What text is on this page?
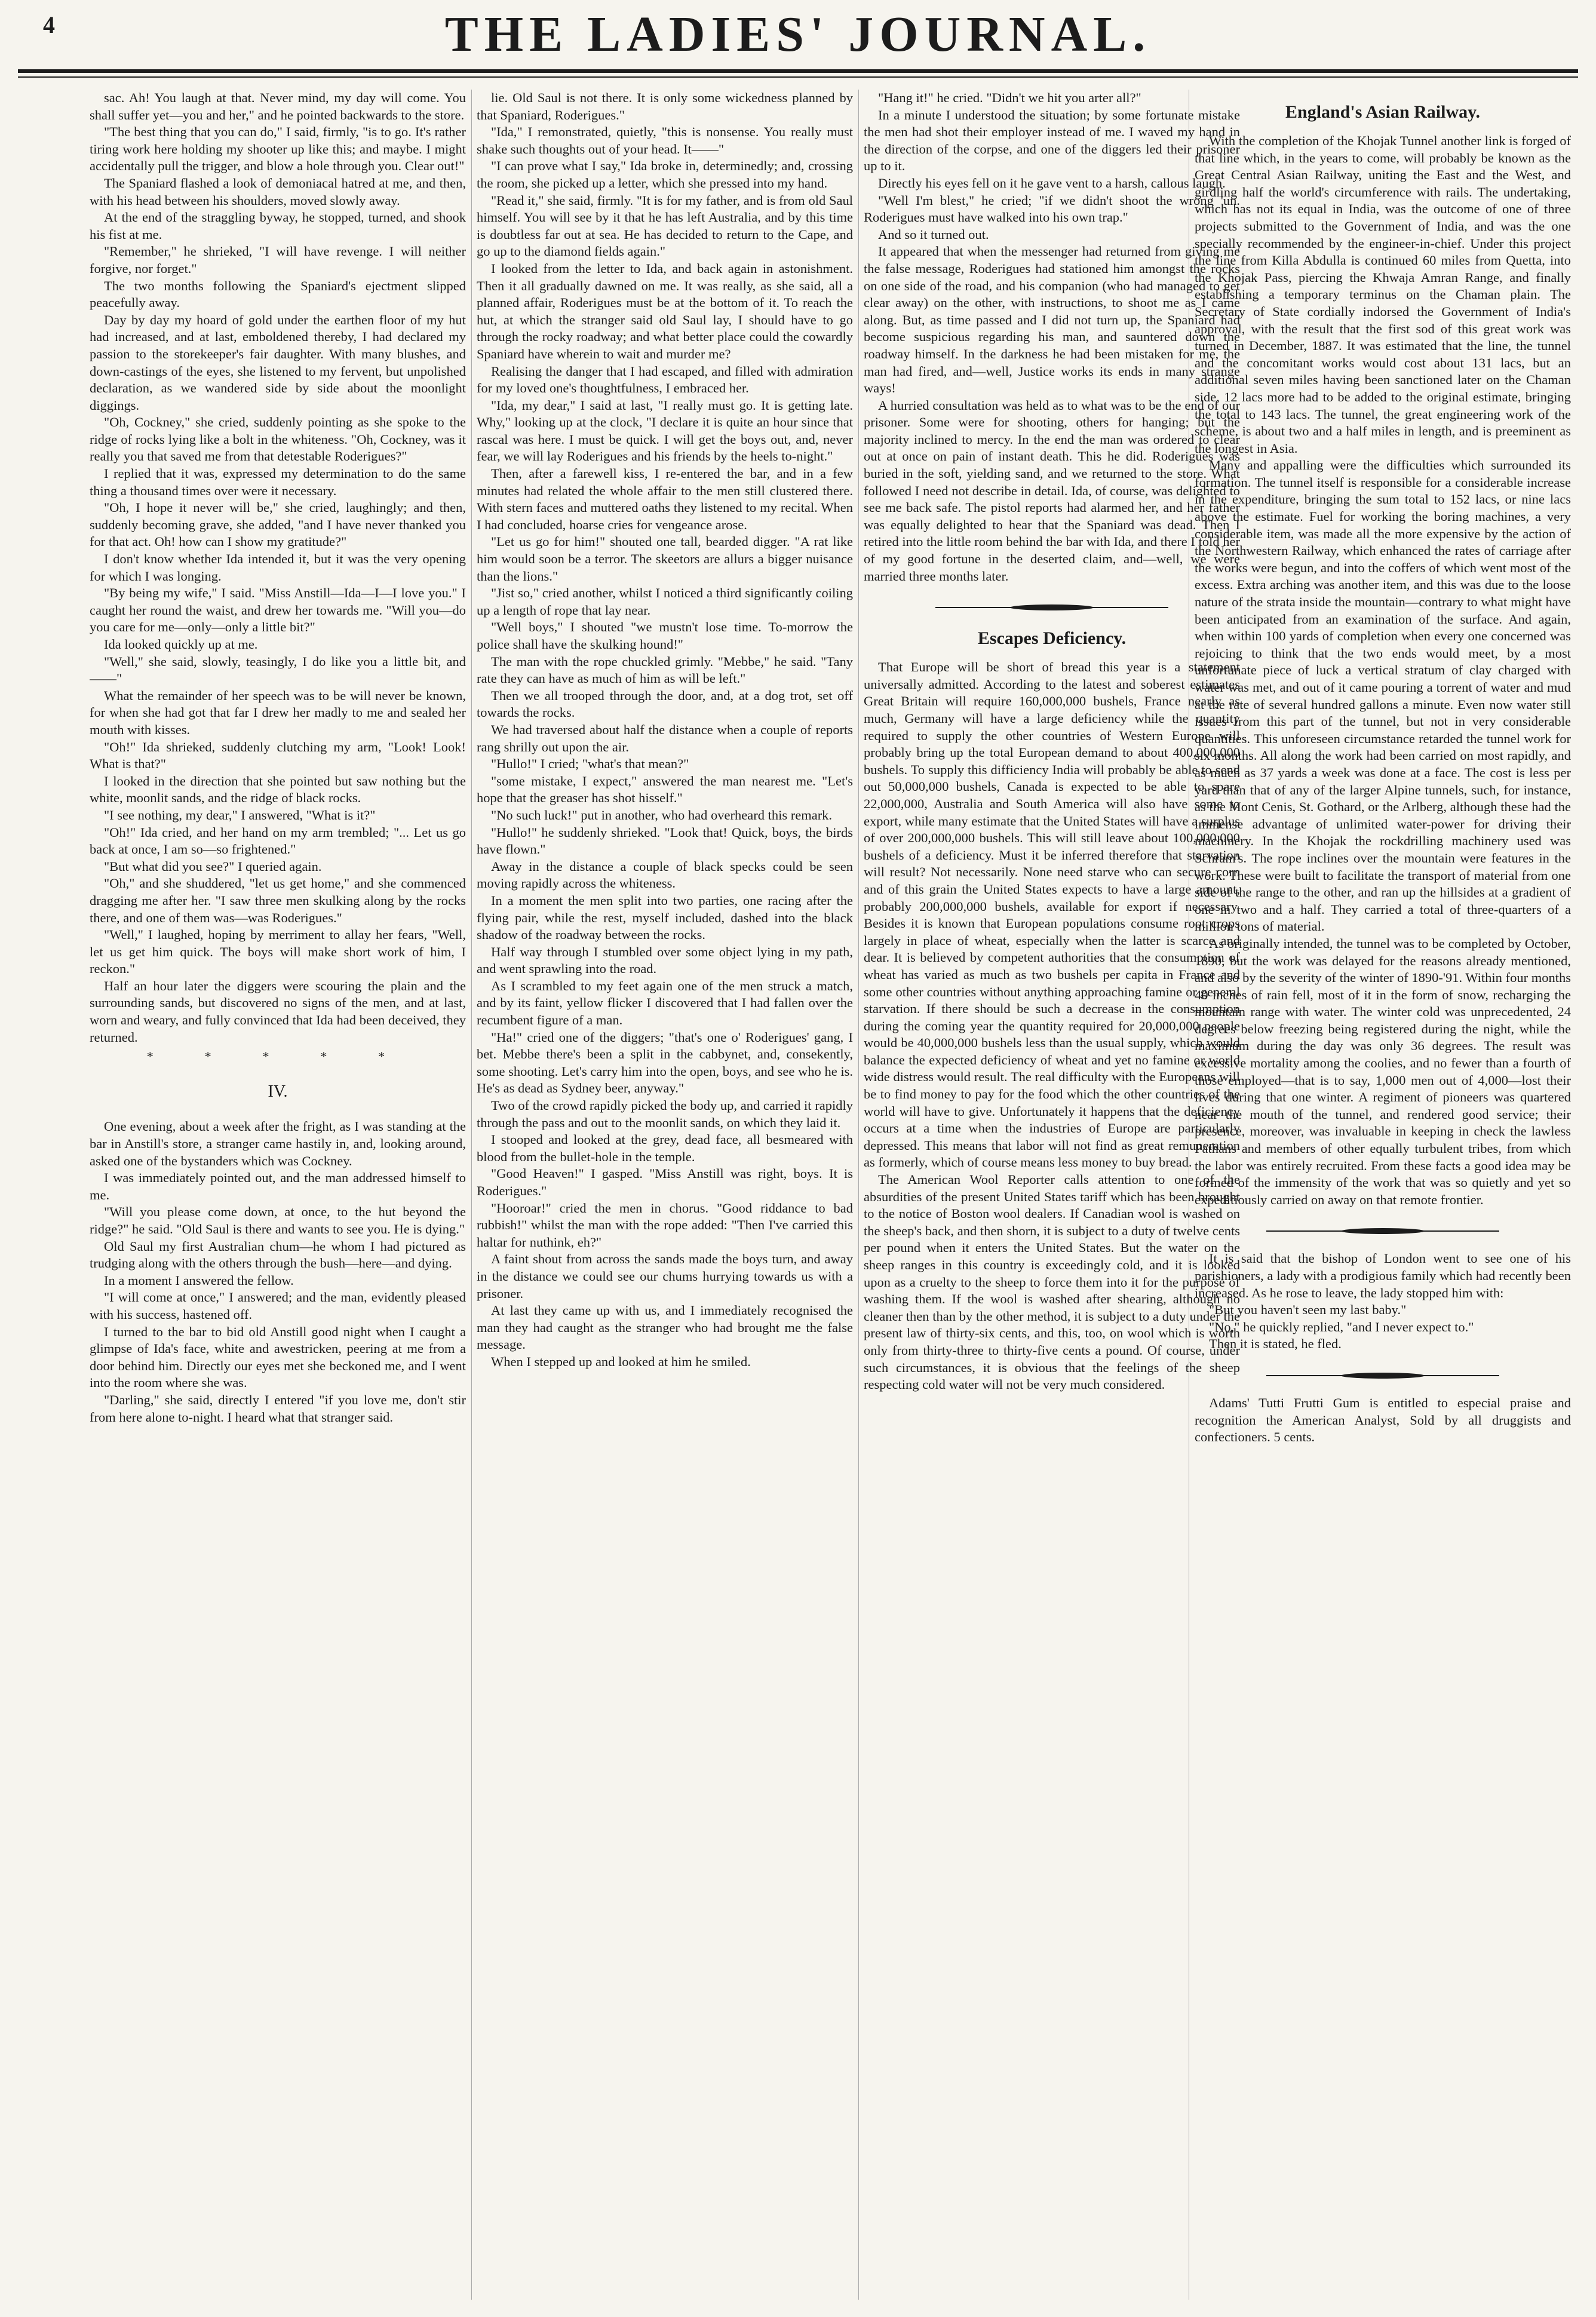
4	THE LADIES' JOURNAL.

sac. Ah! You laugh at that. Never mind, my day will come. You shall suffer yet—you and her," and he pointed backwards to the store.

"The best thing that you can do," I said, firmly, "is to go. It's rather tiring work here holding my shooter up like this; and maybe. I might accidentally pull the trigger, and blow a hole through you. Clear out!"

The Spaniard flashed a look of demoniacal hatred at me, and then, with his head between his shoulders, moved slowly away.

At the end of the straggling byway, he stopped, turned, and shook his fist at me.

"Remember," he shrieked, "I will have revenge. I will neither forgive, nor forget."

The two months following the Spaniard's ejectment slipped peacefully away.

Day by day my hoard of gold under the earthen floor of my hut had increased, and at last, emboldened thereby, I had declared my passion to the storekeeper's fair daughter. With many blushes, and down-castings of the eyes, she listened to my fervent, but unpolished declaration, as we wandered side by side about the moonlight diggings.

"Oh, Cockney," she cried, suddenly pointing as she spoke to the ridge of rocks lying like a bolt in the whiteness. "Oh, Cockney, was it really you that saved me from that detestable Roderigues?"

I replied that it was, expressed my determination to do the same thing a thousand times over were it necessary.

"Oh, I hope it never will be," she cried, laughingly; and then, suddenly becoming grave, she added, "and I have never thanked you for that act. Oh! how can I show my gratitude?"

I don't know whether Ida intended it, but it was the very opening for which I was longing.

"By being my wife," I said. "Miss Anstill—Ida—I—I love you." I caught her round the waist, and drew her towards me. "Will you—do you care for me—only—only a little bit?"

Ida looked quickly up at me.

"Well," she said, slowly, teasingly, I do like you a little bit, and——"

What the remainder of her speech was to be will never be known, for when she had got that far I drew her madly to me and sealed her mouth with kisses.

"Oh!" Ida shrieked, suddenly clutching my arm, "Look! Look! What is that?"

I looked in the direction that she pointed but saw nothing but the white, moonlit sands, and the ridge of black rocks.

"I see nothing, my dear," I answered, "What is it?"

"Oh!" Ida cried, and her hand on my arm trembled; "... Let us go back at once, I am so—so frightened."

"But what did you see?" I queried again.

"Oh," and she shuddered, "let us get home," and she commenced dragging me after her. "I saw three men skulking along by the rocks there, and one of them was—was Roderigues."

"Well," I laughed, hoping by merriment to allay her fears, "Well, let us get him quick. The boys will make short work of him, I reckon."

Half an hour later the diggers were scouring the plain and the surrounding sands, but discovered no signs of the men, and at last, worn and weary, and fully convinced that Ida had been deceived, they returned.

* * * * *
IV.

One evening, about a week after the fright, as I was standing at the bar in Anstill's store, a stranger came hastily in, and, looking around, asked one of the bystanders which was Cockney.

I was immediately pointed out, and the man addressed himself to me.

"Will you please come down, at once, to the hut beyond the ridge?" he said. "Old Saul is there and wants to see you. He is dying."

Old Saul my first Australian chum—he whom I had pictured as trudging along with the others through the bush—here—and dying.

In a moment I answered the fellow.

"I will come at once," I answered; and the man, evidently pleased with his success, hastened off.

I turned to the bar to bid old Anstill good night when I caught a glimpse of Ida's face, white and awestricken, peering at me from a door behind him. Directly our eyes met she beckoned me, and I went into the room where she was.

"Darling," she said, directly I entered "if you love me, don't stir from here alone to-night. I heard what that stranger said.

lie. Old Saul is not there. It is only some wickedness planned by that Spaniard, Roderigues."

"Ida," I remonstrated, quietly, "this is nonsense. You really must shake such thoughts out of your head. It——"

"I can prove what I say," Ida broke in, determinedly; and, crossing the room, she picked up a letter, which she pressed into my hand.

"Read it," she said, firmly. "It is for my father, and is from old Saul himself. You will see by it that he has left Australia, and by this time is doubtless far out at sea. He has decided to return to the Cape, and go up to the diamond fields again."

I looked from the letter to Ida, and back again in astonishment. Then it all gradually dawned on me. It was really, as she said, all a planned affair, Roderigues must be at the bottom of it. To reach the hut, at which the stranger said old Saul lay, I should have to go through the rocky roadway; and what better place could the cowardly Spaniard have wherein to wait and murder me?

Realising the danger that I had escaped, and filled with admiration for my loved one's thoughtfulness, I embraced her.

"Ida, my dear," I said at last, "I really must go. It is getting late. Why," looking up at the clock, "I declare it is quite an hour since that rascal was here. I must be quick. I will get the boys out, and, never fear, we will lay Roderigues and his friends by the heels to-night."

Then, after a farewell kiss, I re-entered the bar, and in a few minutes had related the whole affair to the men still clustered there. With stern faces and muttered oaths they listened to my recital. When I had concluded, hoarse cries for vengeance arose.

"Let us go for him!" shouted one tall, bearded digger. "A rat like him would soon be a terror. The skeetors are allurs a bigger nuisance than the lions."

"Jist so," cried another, whilst I noticed a third significantly coiling up a length of rope that lay near.

"Well boys," I shouted "we mustn't lose time. To-morrow the police shall have the skulking hound!"

The man with the rope chuckled grimly. "Mebbe," he said. "Tany rate they can have as much of him as will be left."

Then we all trooped through the door, and, at a dog trot, set off towards the rocks.

We had traversed about half the distance when a couple of reports rang shrilly out upon the air.

"Hullo!" I cried; "what's that mean?"

"some mistake, I expect," answered the man nearest me. "Let's hope that the greaser has shot hisself."

"No such luck!" put in another, who had overheard this remark.

"Hullo!" he suddenly shrieked. "Look that! Quick, boys, the birds have flown."

Away in the distance a couple of black specks could be seen moving rapidly across the whiteness.

In a moment the men split into two parties, one racing after the flying pair, while the rest, myself included, dashed into the black shadow of the roadway between the rocks.

Half way through I stumbled over some object lying in my path, and went sprawling into the road.

As I scrambled to my feet again one of the men struck a match, and by its faint, yellow flicker I discovered that I had fallen over the recumbent figure of a man.

"Ha!" cried one of the diggers; "that's one o' Roderigues' gang, I bet. Mebbe there's been a split in the cabbynet, and, consekently, some shooting. Let's carry him into the open, boys, and see who he is. He's as dead as Sydney beer, anyway."

Two of the crowd rapidly picked the body up, and carried it rapidly through the pass and out to the moonlit sands, on which they laid it.

I stooped and looked at the grey, dead face, all besmeared with blood from the bullet-hole in the temple.

"Good Heaven!" I gasped. "Miss Anstill was right, boys. It is Roderigues."

"Hooroar!" cried the men in chorus. "Good riddance to bad rubbish!" whilst the man with the rope added: "Then I've carried this haltar for nuthink, eh?"

A faint shout from across the sands made the boys turn, and away in the distance we could see our chums hurrying towards us with a prisoner.

At last they came up with us, and I immediately recognised the man they had caught as the stranger who had brought me the false message.

When I stepped up and looked at him he smiled.

"Hang it!" he cried. "Didn't we hit you arter all?"

In a minute I understood the situation; by some fortunate mistake the men had shot their employer instead of me. I waved my hand in the direction of the corpse, and one of the diggers led their prisoner up to it.

Directly his eyes fell on it he gave vent to a harsh, callous laugh.

"Well I'm blest," he cried; "if we didn't shoot the wrong 'un. Roderigues must have walked into his own trap."

And so it turned out.

It appeared that when the messenger had returned from giving me the false message, Roderigues had stationed him amongst the rocks on one side of the road, and his companion (who had managed to get clear away) on the other, with instructions, to shoot me as I came along. But, as time passed and I did not turn up, the Spaniard had become suspicious regarding his man, and sauntered down the roadway himself. In the darkness he had been mistaken for me, the man had fired, and—well, Justice works its ends in many strange ways!

A hurried consultation was held as to what was to be the end of our prisoner. Some were for shooting, others for hanging; but the majority inclined to mercy. In the end the man was ordered to clear out at once on pain of instant death. This he did. Roderigues was buried in the soft, yielding sand, and we returned to the store. What followed I need not describe in detail. Ida, of course, was delighted to see me back safe. The pistol reports had alarmed her, and her father was equally delighted to hear that the Spaniard was dead. Then I retired into the little room behind the bar with Ida, and there I told her of my good fortune in the deserted claim, and—well, we were married three months later.

Escapes Deficiency.

That Europe will be short of bread this year is a statement universally admitted. According to the latest and soberest estimates Great Britain will require 160,000,000 bushels, France nearly as much, Germany will have a large deficiency while the quantity required to supply the other countries of Western Europe will probably bring up the total European demand to about 400,000,000 bushels. To supply this difficiency India will probably be able to send out 50,000,000 bushels, Canada is expected to be able to spare 22,000,000, Australia and South America will also have some to export, while many estimate that the United States will have a surplus of over 200,000,000 bushels. This will still leave about 100,000,000 bushels of a deficiency. Must it be inferred therefore that starvation will result? Not necessarily. None need starve who can secure corn and of this grain the United States expects to have a large amount, probably 200,000,000 bushels, available for export if necessary. Besides it is known that European populations consume root crops largely in place of wheat, especially when the latter is scarce and dear. It is believed by competent authorities that the consumption of wheat has varied as much as two bushels per capita in France and some other countries without anything approaching famine or general starvation. If there should be such a decrease in the consumption during the coming year the quantity required for 20,000,000 people would be 40,000,000 bushels less than the usual supply, which would balance the expected deficiency of wheat and yet no famine or world wide distress would result. The real difficulty with the Europeans will be to find money to pay for the food which the other countries of the world will have to give. Unfortunately it happens that the deficiency occurs at a time when the industries of Europe are particularly depressed. This means that labor will not find as great remuneration as formerly, which of course means less money to buy bread.

The American Wool Reporter calls attention to one of the absurdities of the present United States tariff which has been brought to the notice of Boston wool dealers. If Canadian wool is washed on the sheep's back, and then shorn, it is subject to a duty of twelve cents per pound when it enters the United States. But the water on the sheep ranges in this country is exceedingly cold, and it is looked upon as a cruelty to the sheep to force them into it for the purpose of washing them. If the wool is washed after shearing, although no cleaner then than by the other method, it is subject to a duty under the present law of thirty-six cents, and this, too, on wool which is worth only from thirty-three to thirty-five cents a pound. Of course, under such circumstances, it is obvious that the feelings of the sheep respecting cold water will not be very much considered.

England's Asian Railway.

With the completion of the Khojak Tunnel another link is forged of that line which, in the years to come, will probably be known as the Great Central Asian Railway, uniting the East and the West, and girdling half the world's circumference with rails. The undertaking, which has not its equal in India, was the outcome of one of three projects submitted to the Government of India, and was the one specially recommended by the engineer-in-chief. Under this project the line from Killa Abdulla is continued 60 miles from Quetta, into the Khojak Pass, piercing the Khwaja Amran Range, and finally establishing a temporary terminus on the Chaman plain. The Secretary of State cordially indorsed the Government of India's approval, with the result that the first sod of this great work was turned in December, 1887. It was estimated that the line, the tunnel and the concomitant works would cost about 131 lacs, but an additional seven miles having been sanctioned later on the Chaman side, 12 lacs more had to be added to the original estimate, bringing the total to 143 lacs. The tunnel, the great engineering work of the scheme, is about two and a half miles in length, and is preeminent as the longest in Asia.

Many and appalling were the difficulties which surrounded its formation. The tunnel itself is responsible for a considerable increase in the expenditure, bringing the sum total to 152 lacs, or nine lacs above the estimate. Fuel for working the boring machines, a very considerable item, was made all the more expensive by the action of the Northwestern Railway, which enhanced the rates of carriage after the works were begun, and into the coffers of which went most of the excess. Extra arching was another item, and this was due to the loose nature of the strata inside the mountain—contrary to what might have been anticipated from an examination of the surface. And again, when within 100 yards of completion when every one concerned was rejoicing to think that the two ends would meet, by a most unfortunate piece of luck a vertical stratum of clay charged with water was met, and out of it came pouring a torrent of water and mud at the rate of several hundred gallons a minute. Even now water still issues from this part of the tunnel, but not in very considerable quantities. This unforeseen circumstance retarded the tunnel work for six months. All along the work had been carried on most rapidly, and as much as 37 yards a week was done at a face. The cost is less per yard than that of any of the larger Alpine tunnels, such, for instance, as the Mont Cenis, St. Gothard, or the Arlberg, although these had the immense advantage of unlimited water-power for driving their machinery. In the Khojak the rockdrilling machinery used was Schram's. The rope inclines over the mountain were features in the work. These were built to facilitate the transport of material from one side of the range to the other, and ran up the hillsides at a gradient of one in two and a half. They carried a total of three-quarters of a million tons of material.

As originally intended, the tunnel was to be completed by October, 1890, but the work was delayed for the reasons already mentioned, and also by the severity of the winter of 1890-'91. Within four months 40 inches of rain fell, most of it in the form of snow, recharging the mountain range with water. The winter cold was unprecedented, 24 degrees below freezing being registered during the night, while the maximum during the day was only 36 degrees. The result was excessive mortality among the coolies, and no fewer than a fourth of those employed—that is to say, 1,000 men out of 4,000—lost their lives during that one winter. A regiment of pioneers was quartered near the mouth of the tunnel, and rendered good service; their presence, moreover, was invaluable in keeping in check the lawless Pathans and members of other equally turbulent tribes, from which the labor was entirely recruited. From these facts a good idea may be formed of the immensity of the work that was so quietly and yet so expeditiously carried on away on that remote frontier.

It is said that the bishop of London went to see one of his parishioners, a lady with a prodigious family which had recently been increased. As he rose to leave, the lady stopped him with:

"But you haven't seen my last baby."

"No," he quickly replied, "and I never expect to."

Then it is stated, he fled.

Adams' Tutti Frutti Gum is entitled to especial praise and recognition the American Analyst, Sold by all druggists and confectioners. 5 cents.
